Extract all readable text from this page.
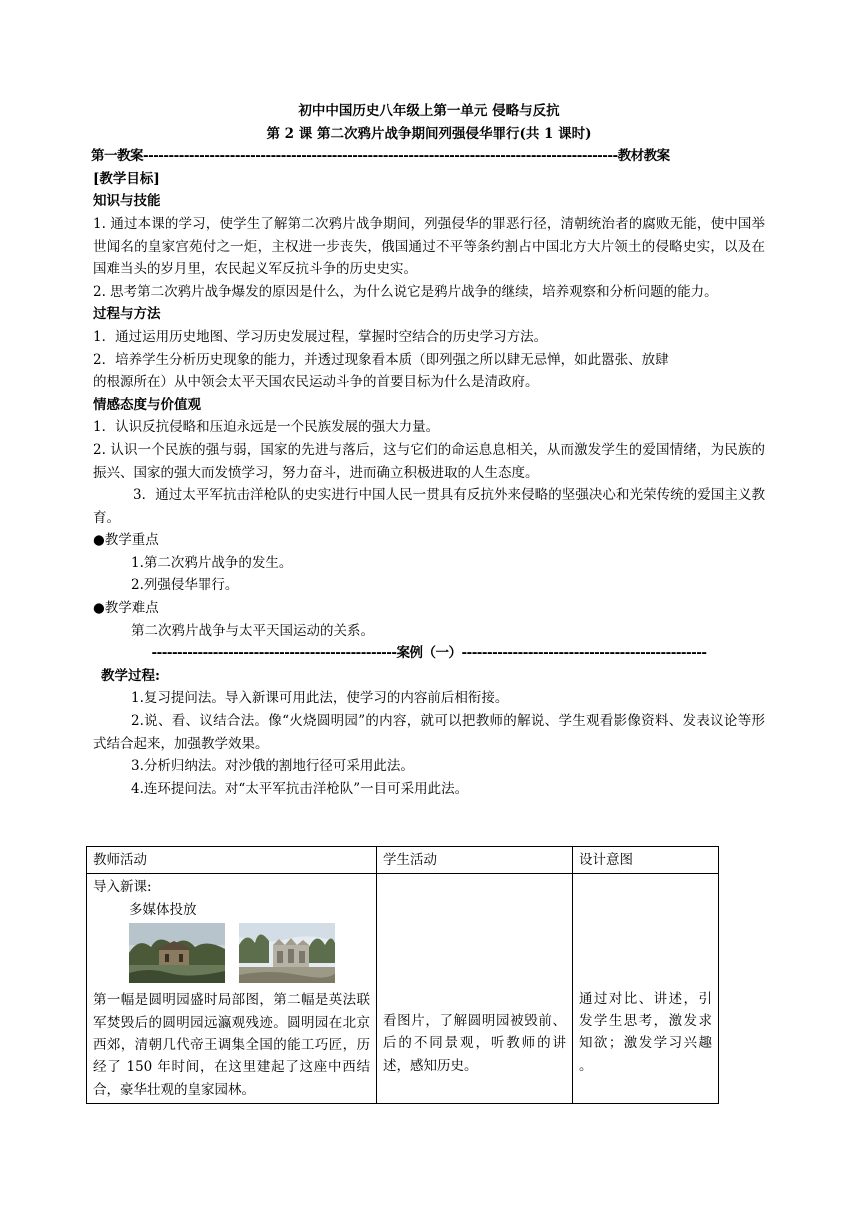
初中中国历史八年级上第一单元 侵略与反抗
第 2 课 第二次鸦片战争期间列强侵华罪行(共 1 课时)
第一教案---------------------------------------------------------------------------------------------教材教案
[教学目标]
知识与技能
1. 通过本课的学习，使学生了解第二次鸦片战争期间，列强侵华的罪恶行径，清朝统治者的腐败无能，使中国举世闻名的皇家宫苑付之一炬，主权进一步丧失，俄国通过不平等条约割占中国北方大片领土的侵略史实，以及在国难当头的岁月里，农民起义军反抗斗争的历史史实。
2. 思考第二次鸦片战争爆发的原因是什么，为什么说它是鸦片战争的继续，培养观察和分析问题的能力。
过程与方法
1．通过运用历史地图、学习历史发展过程，掌握时空结合的历史学习方法。
2．培养学生分析历史现象的能力，并透过现象看本质（即列强之所以肆无忌惮，如此嚣张、放肆
的根源所在）从中领会太平天国农民运动斗争的首要目标为什么是清政府。
情感态度与价值观
1．认识反抗侵略和压迫永远是一个民族发展的强大力量。
2. 认识一个民族的强与弱，国家的先进与落后，这与它们的命运息息相关，从而激发学生的爱国情绪，为民族的振兴、国家的强大而发愤学习，努力奋斗，进而确立积极进取的人生态度。
3．通过太平军抗击洋枪队的史实进行中国人民一贯具有反抗外来侵略的坚强决心和光荣传统的爱国主义教育。
●教学重点
1.第二次鸦片战争的发生。
2.列强侵华罪行。
●教学难点
第二次鸦片战争与太平天国运动的关系。
------------------------------------------------案例（一）------------------------------------------------
教学过程:
1.复习提问法。导入新课可用此法，使学习的内容前后相衔接。
2.说、看、议结合法。像“火烧圆明园”的内容，就可以把教师的解说、学生观看影像资料、发表议论等形式结合起来，加强教学效果。
3.分析归纳法。对沙俄的割地行径可采用此法。
4.连环提问法。对“太平军抗击洋枪队”一目可采用此法。
教师活动	学生活动	设计意图

导入新课:
多媒体投放
第一幅是圆明园盛时局部图，第二幅是英法联军焚毁后的圆明园远瀛观残迹。圆明园在北京西郊，清朝几代帝王调集全国的能工巧匠，历经了 150 年时间，在这里建起了这座中西结合，豪华壮观的皇家园林。	看图片，了解圆明园被毁前、后的不同景观，听教师的讲述，感知历史。	通过对比、讲述，引发学生思考，激发求知欲；激发学习兴趣 。
